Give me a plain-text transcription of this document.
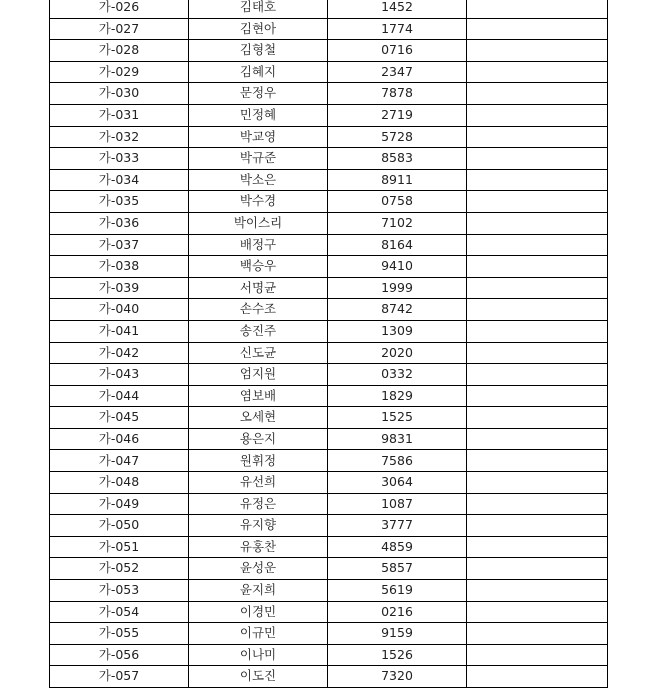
가-026	김태호	1452	
가-027	김현아	1774	
가-028	김형철	0716	
가-029	김혜지	2347	
가-030	문정우	7878	
가-031	민정혜	2719	
가-032	박교영	5728	
가-033	박규준	8583	
가-034	박소은	8911	
가-035	박수경	0758	
가-036	박이스리	7102	
가-037	배정구	8164	
가-038	백승우	9410	
가-039	서명균	1999	
가-040	손수조	8742	
가-041	송진주	1309	
가-042	신도균	2020	
가-043	엄지원	0332	
가-044	염보배	1829	
가-045	오세현	1525	
가-046	용은지	9831	
가-047	원휘정	7586	
가-048	유선희	3064	
가-049	유정은	1087	
가-050	유지향	3777	
가-051	유홍찬	4859	
가-052	윤성운	5857	
가-053	윤지희	5619	
가-054	이경민	0216	
가-055	이규민	9159	
가-056	이나미	1526	
가-057	이도진	7320	
